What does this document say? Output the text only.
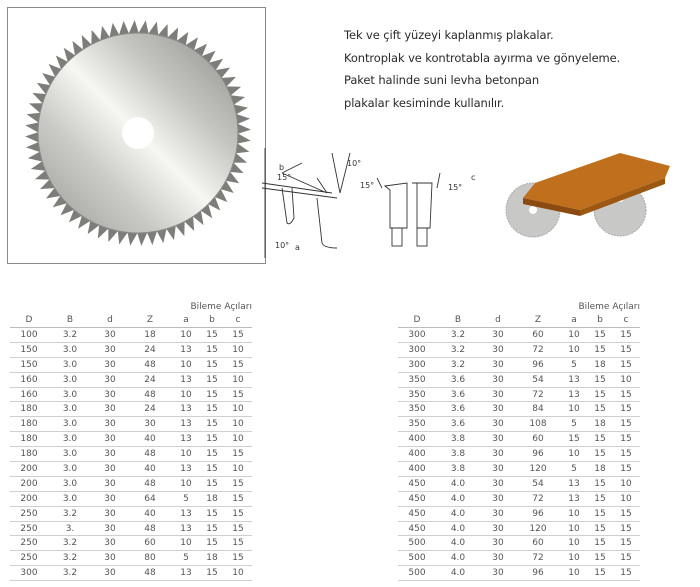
Tek ve çift yüzeyi kaplanmış plakalar.
Kontroplak ve kontrotabla ayırma ve gönyeleme.
Paket halinde suni levha betonpan
plakalar kesiminde kullanılır.
b
15°
10°
10° a
15°	15°
c
				Bileme Açıları		
D	B	d	Z	a	b	c
100	3.2	30	18	10	15	15
150	3.0	30	24	13	15	10
150	3.0	30	48	10	15	15
160	3.0	30	24	13	15	10
160	3.0	30	48	10	15	15
180	3.0	30	24	13	15	10
180	3.0	30	30	13	15	10
180	3.0	30	40	13	15	10
180	3.0	30	48	10	15	15
200	3.0	30	40	13	15	10
200	3.0	30	48	10	15	15
200	3.0	30	64	5	18	15
250	3.2	30	40	13	15	15
250	3.	30	48	13	15	15
250	3.2	30	60	10	15	15
250	3.2	30	80	5	18	15
300	3.2	30	48	13	15	10
				Bileme Açıları		
D	B	d	Z	a	b	c
300	3.2	30	60	10	15	15
300	3.2	30	72	10	15	15
300	3.2	30	96	5	18	15
350	3.6	30	54	13	15	10
350	3.6	30	72	13	15	15
350	3.6	30	84	10	15	15
350	3.6	30	108	5	18	15
400	3.8	30	60	15	15	15
400	3.8	30	96	10	15	15
400	3.8	30	120	5	18	15
450	4.0	30	54	13	15	10
450	4.0	30	72	13	15	10
450	4.0	30	96	10	15	15
450	4.0	30	120	10	15	15
500	4.0	30	60	10	15	15
500	4.0	30	72	10	15	15
500	4.0	30	96	10	15	15
